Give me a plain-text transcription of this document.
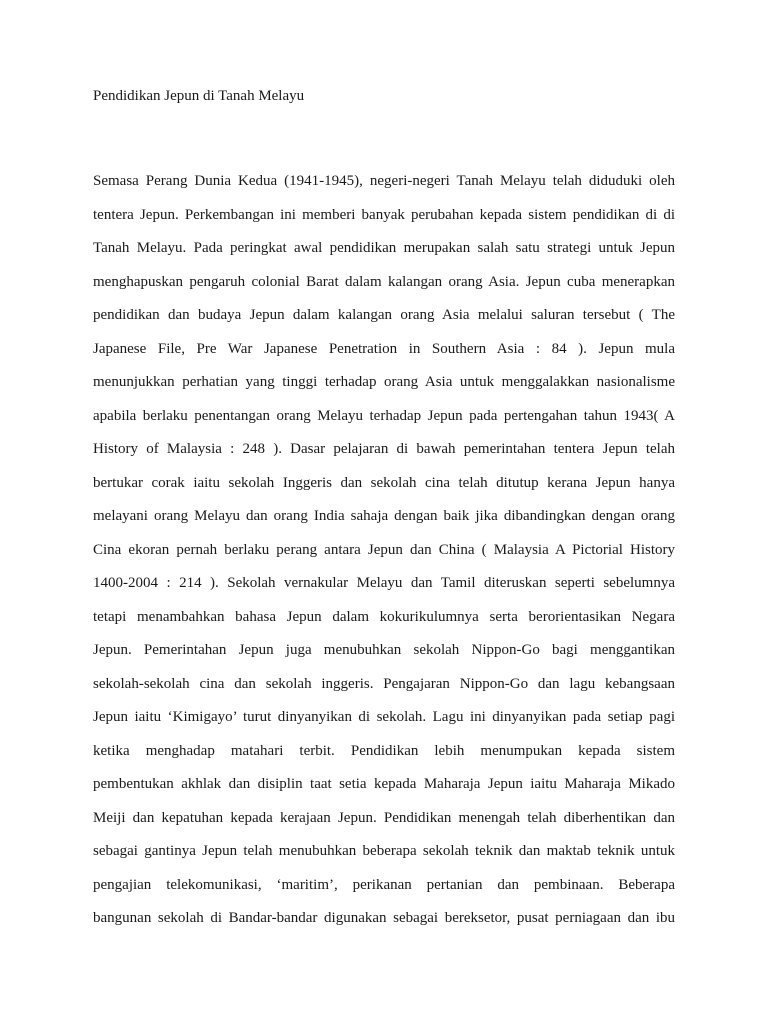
Pendidikan Jepun di Tanah Melayu
Semasa Perang Dunia Kedua (1941-1945), negeri-negeri Tanah Melayu telah diduduki oleh
tentera Jepun. Perkembangan ini memberi banyak perubahan kepada sistem pendidikan di di
Tanah Melayu. Pada peringkat awal pendidikan merupakan salah satu strategi untuk Jepun
menghapuskan pengaruh colonial Barat dalam kalangan orang Asia. Jepun cuba menerapkan
pendidikan dan budaya Jepun dalam kalangan orang Asia melalui saluran tersebut ( The
Japanese File, Pre War Japanese Penetration in Southern Asia : 84 ). Jepun mula
menunjukkan perhatian yang tinggi terhadap orang Asia untuk menggalakkan nasionalisme
apabila berlaku penentangan orang Melayu terhadap Jepun pada pertengahan tahun 1943( A
History of Malaysia : 248 ). Dasar pelajaran di bawah pemerintahan tentera Jepun telah
bertukar corak iaitu sekolah Inggeris dan sekolah cina telah ditutup kerana Jepun hanya
melayani orang Melayu dan orang India sahaja dengan baik jika dibandingkan dengan orang
Cina ekoran pernah berlaku perang antara Jepun dan China ( Malaysia A Pictorial History
1400-2004 : 214 ). Sekolah vernakular Melayu dan Tamil diteruskan seperti sebelumnya
tetapi menambahkan bahasa Jepun dalam kokurikulumnya serta berorientasikan Negara
Jepun. Pemerintahan Jepun juga menubuhkan sekolah Nippon-Go bagi menggantikan
sekolah-sekolah cina dan sekolah inggeris. Pengajaran Nippon-Go dan lagu kebangsaan
Jepun iaitu ‘Kimigayo’ turut dinyanyikan di sekolah. Lagu ini dinyanyikan pada setiap pagi
ketika menghadap matahari terbit. Pendidikan lebih menumpukan kepada sistem
pembentukan akhlak dan disiplin taat setia kepada Maharaja Jepun iaitu Maharaja Mikado
Meiji dan kepatuhan kepada kerajaan Jepun. Pendidikan menengah telah diberhentikan dan
sebagai gantinya Jepun telah menubuhkan beberapa sekolah teknik dan maktab teknik untuk
pengajian telekomunikasi, ‘maritim’, perikanan pertanian dan pembinaan. Beberapa
bangunan sekolah di Bandar-bandar digunakan sebagai bereksetor, pusat perniagaan dan ibu
